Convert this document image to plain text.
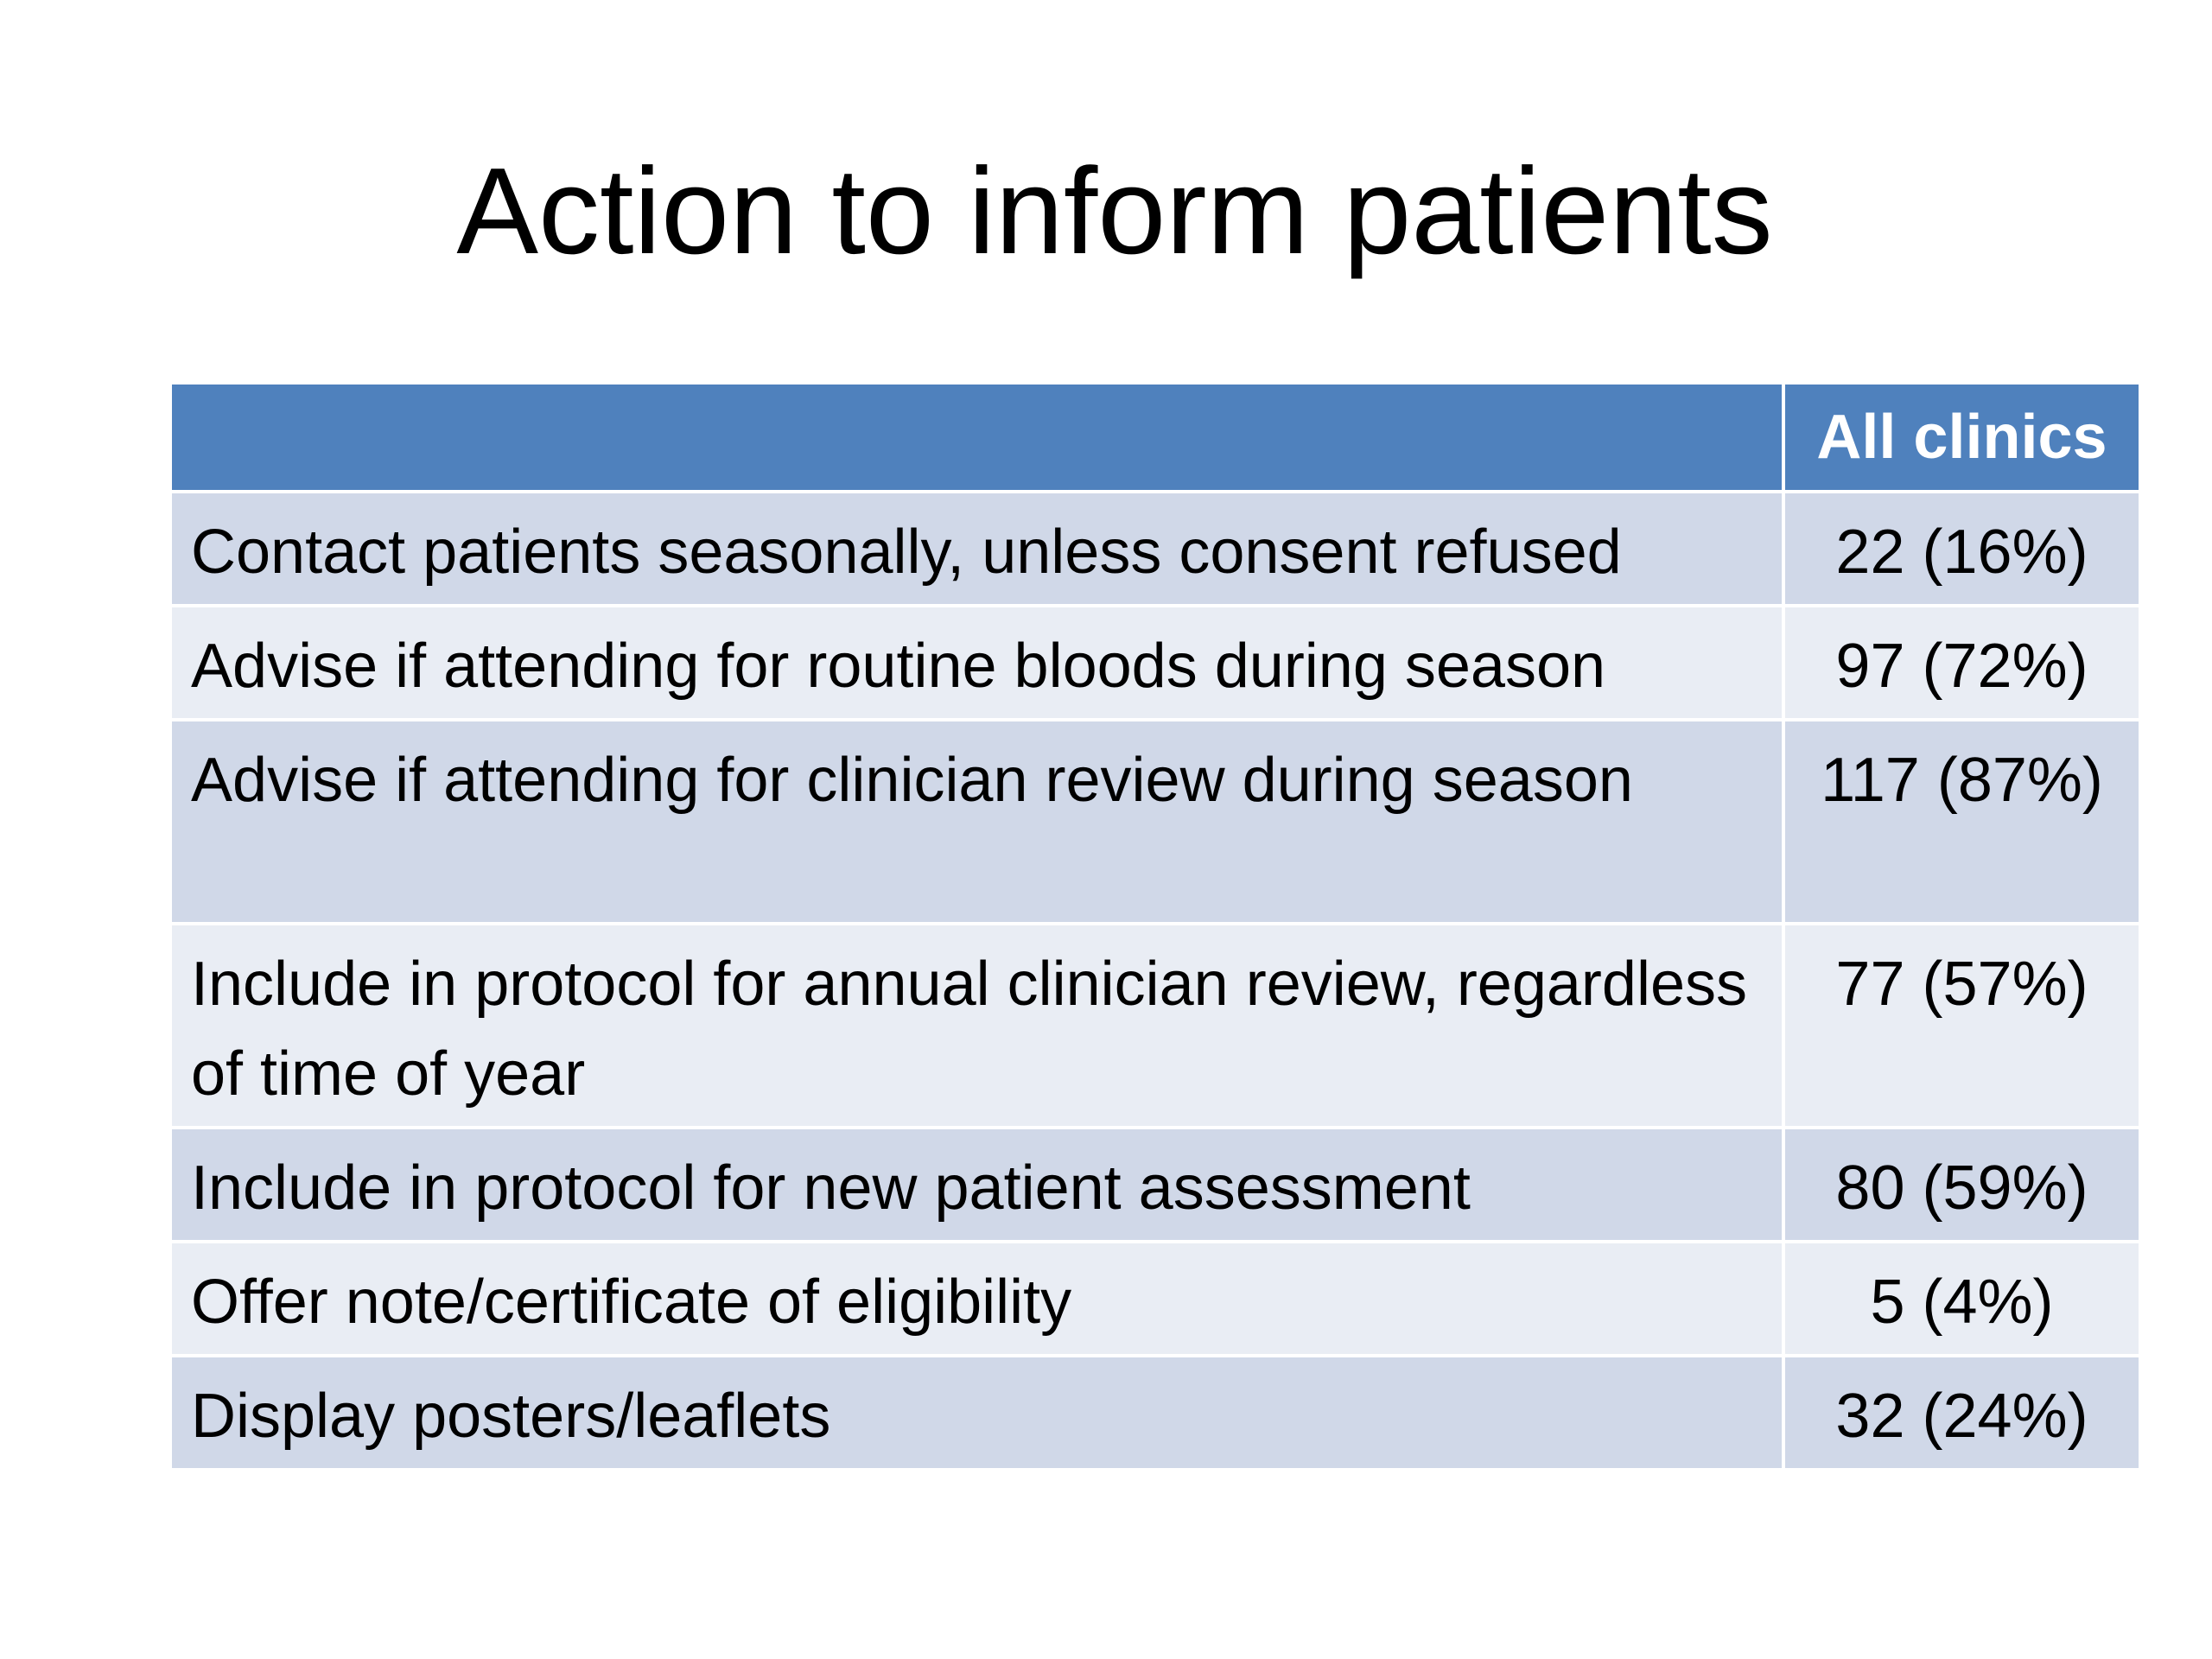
Action to inform patients
	All clinics
Contact patients seasonally, unless consent refused	22 (16%)
Advise if attending for routine bloods during season	97 (72%)
Advise if attending for clinician review during season	117 (87%)
Include in protocol for annual clinician review, regardless of time of year	77 (57%)
Include in protocol for new patient assessment	80 (59%)
Offer note/certificate of eligibility	5 (4%)
Display posters/leaflets	32 (24%)
